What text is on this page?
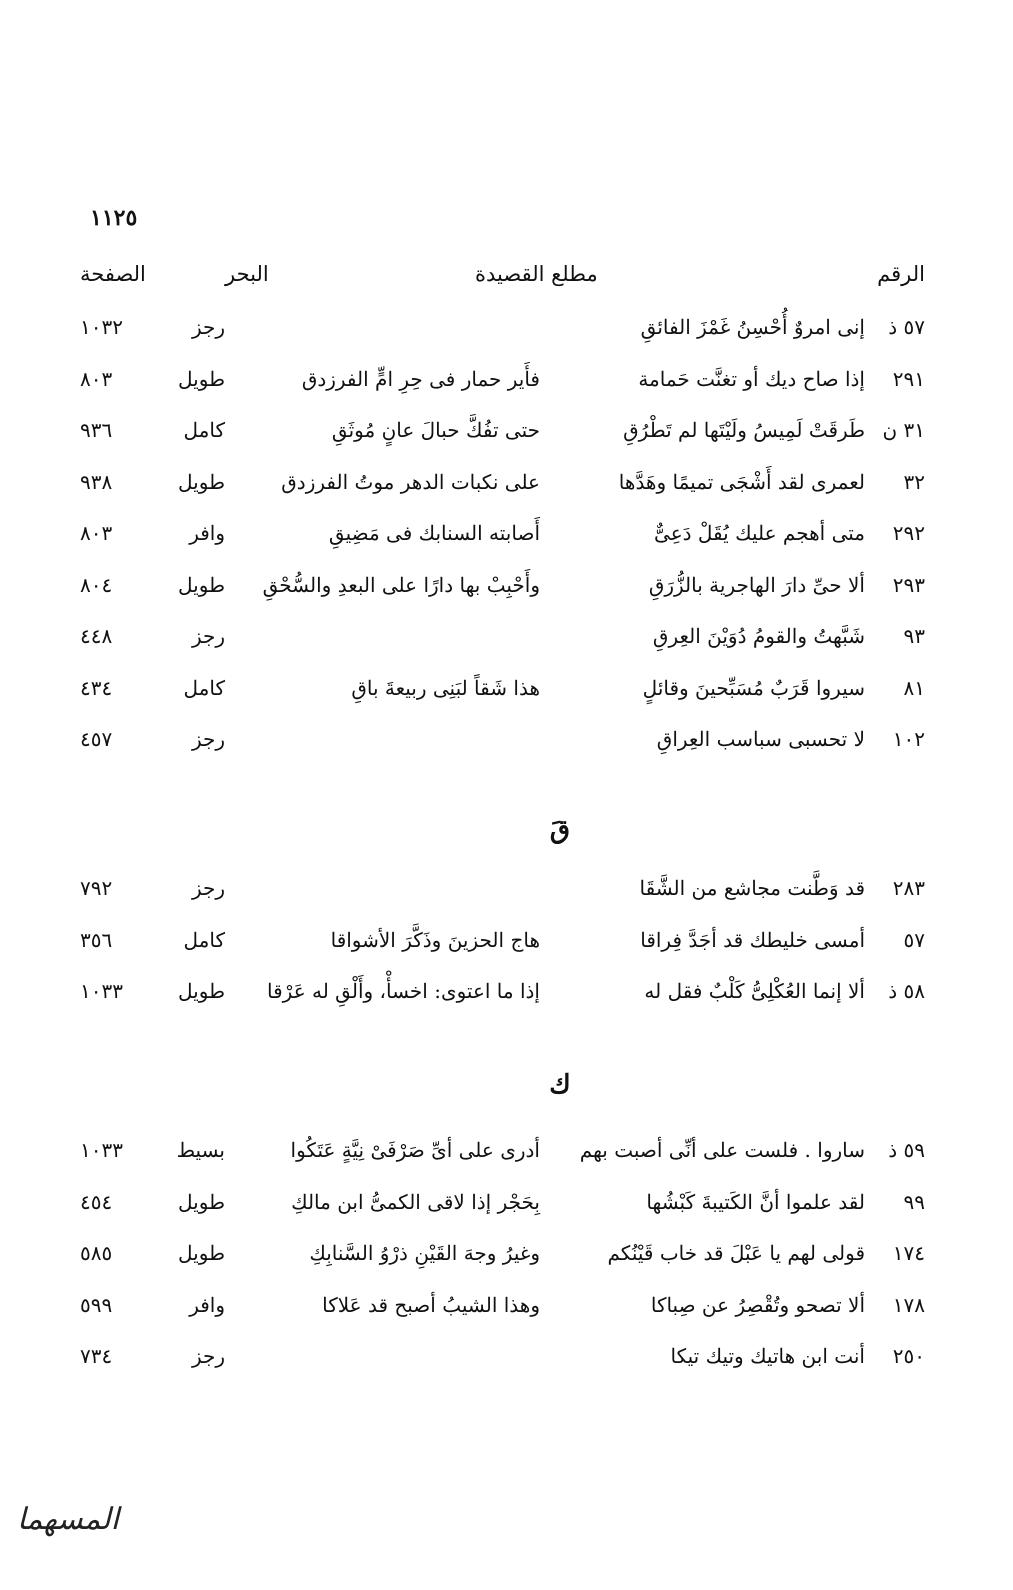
١١٢٥
الرقم
مطلع القصيدة
البحر
الصفحة
٥٧ ذ
إنى امروٌ أُحْسِنُ غَمْزَ الفائقِ
رجز
١٠٣٢
٢٩١
إذا صاح ديك أو تغنَّت حَمامة
فأَير حمار فى حِرِ امٍّ الفرزدق
طويل
٨٠٣
٣١ ن
طَرقَتْ لَمِيسُ ولَيْتَها لم تَطْرُقِ
حتى تفُكَّ حبالَ عانٍ مُوثَقِ
كامل
٩٣٦
٣٢
لعمرى لقد أَشْجَى تميمًا وهَدَّها
على نكبات الدهر موتُ الفرزدق
طويل
٩٣٨
٢٩٢
متى أهجم عليك يُقَلْ دَعِىٌّ
أَصابته السنابك فى مَضِيقِ
وافر
٨٠٣
٢٩٣
ألا حىِّ دارَ الهاجرية بالزُّرَقِ
وأَحْبِبْ بها دارًا على البعدِ والسُّحْقِ
طويل
٨٠٤
٩٣
شَبَّهتُ والقومُ دُوَيْنَ العِرقِ
رجز
٤٤٨
٨١
سيروا قَرَبٌ مُسَبِّحينَ وقائلٍ
هذا شَقاً لبَنِى ربيعةَ باقِ
كامل
٤٣٤
١٠٢
لا تحسبى سباسب العِراقِ
رجز
٤٥٧
قَ
٢٨٣
قد وَطَّنت مجاشع من الشَّقَا
رجز
٧٩٢
٥٧
أمسى خليطك قد أجَدَّ فِراقا
هاج الحزينَ وذَكَّرَ الأشواقا
كامل
٣٥٦
٥٨ ذ
ألا إنما العُكْلِىُّ كَلْبٌ فقل له
إذا ما اعتوى: اخسأْ، وأَلْقِ له عَرْقا
طويل
١٠٣٣
ك
٥٩ ذ
ساروا . فلست على أنِّى أصبت بهم
أدرى على أىِّ صَرْفَىْ نِيَّةٍ عَتَكُوا
بسيط
١٠٣٣
٩٩
لقد علموا أنَّ الكَتيبةَ كَبْشُها
بِحَجْر إذا لاقى الكمىُّ ابن مالكِ
طويل
٤٥٤
١٧٤
قولى لهم يا عَبْلَ قد خاب قَيْنُكم
وغيرُ وجهَ القَيْنِ ذرْوُ السَّنابِكِ
طويل
٥٨٥
١٧٨
ألا تصحو وتُقْصِرُ عن صِباكا
وهذا الشيبُ أصبح قد عَلاكا
وافر
٥٩٩
٢٥٠
أنت ابن هاتيك وتيك تيكا
رجز
٧٣٤
المسهما
